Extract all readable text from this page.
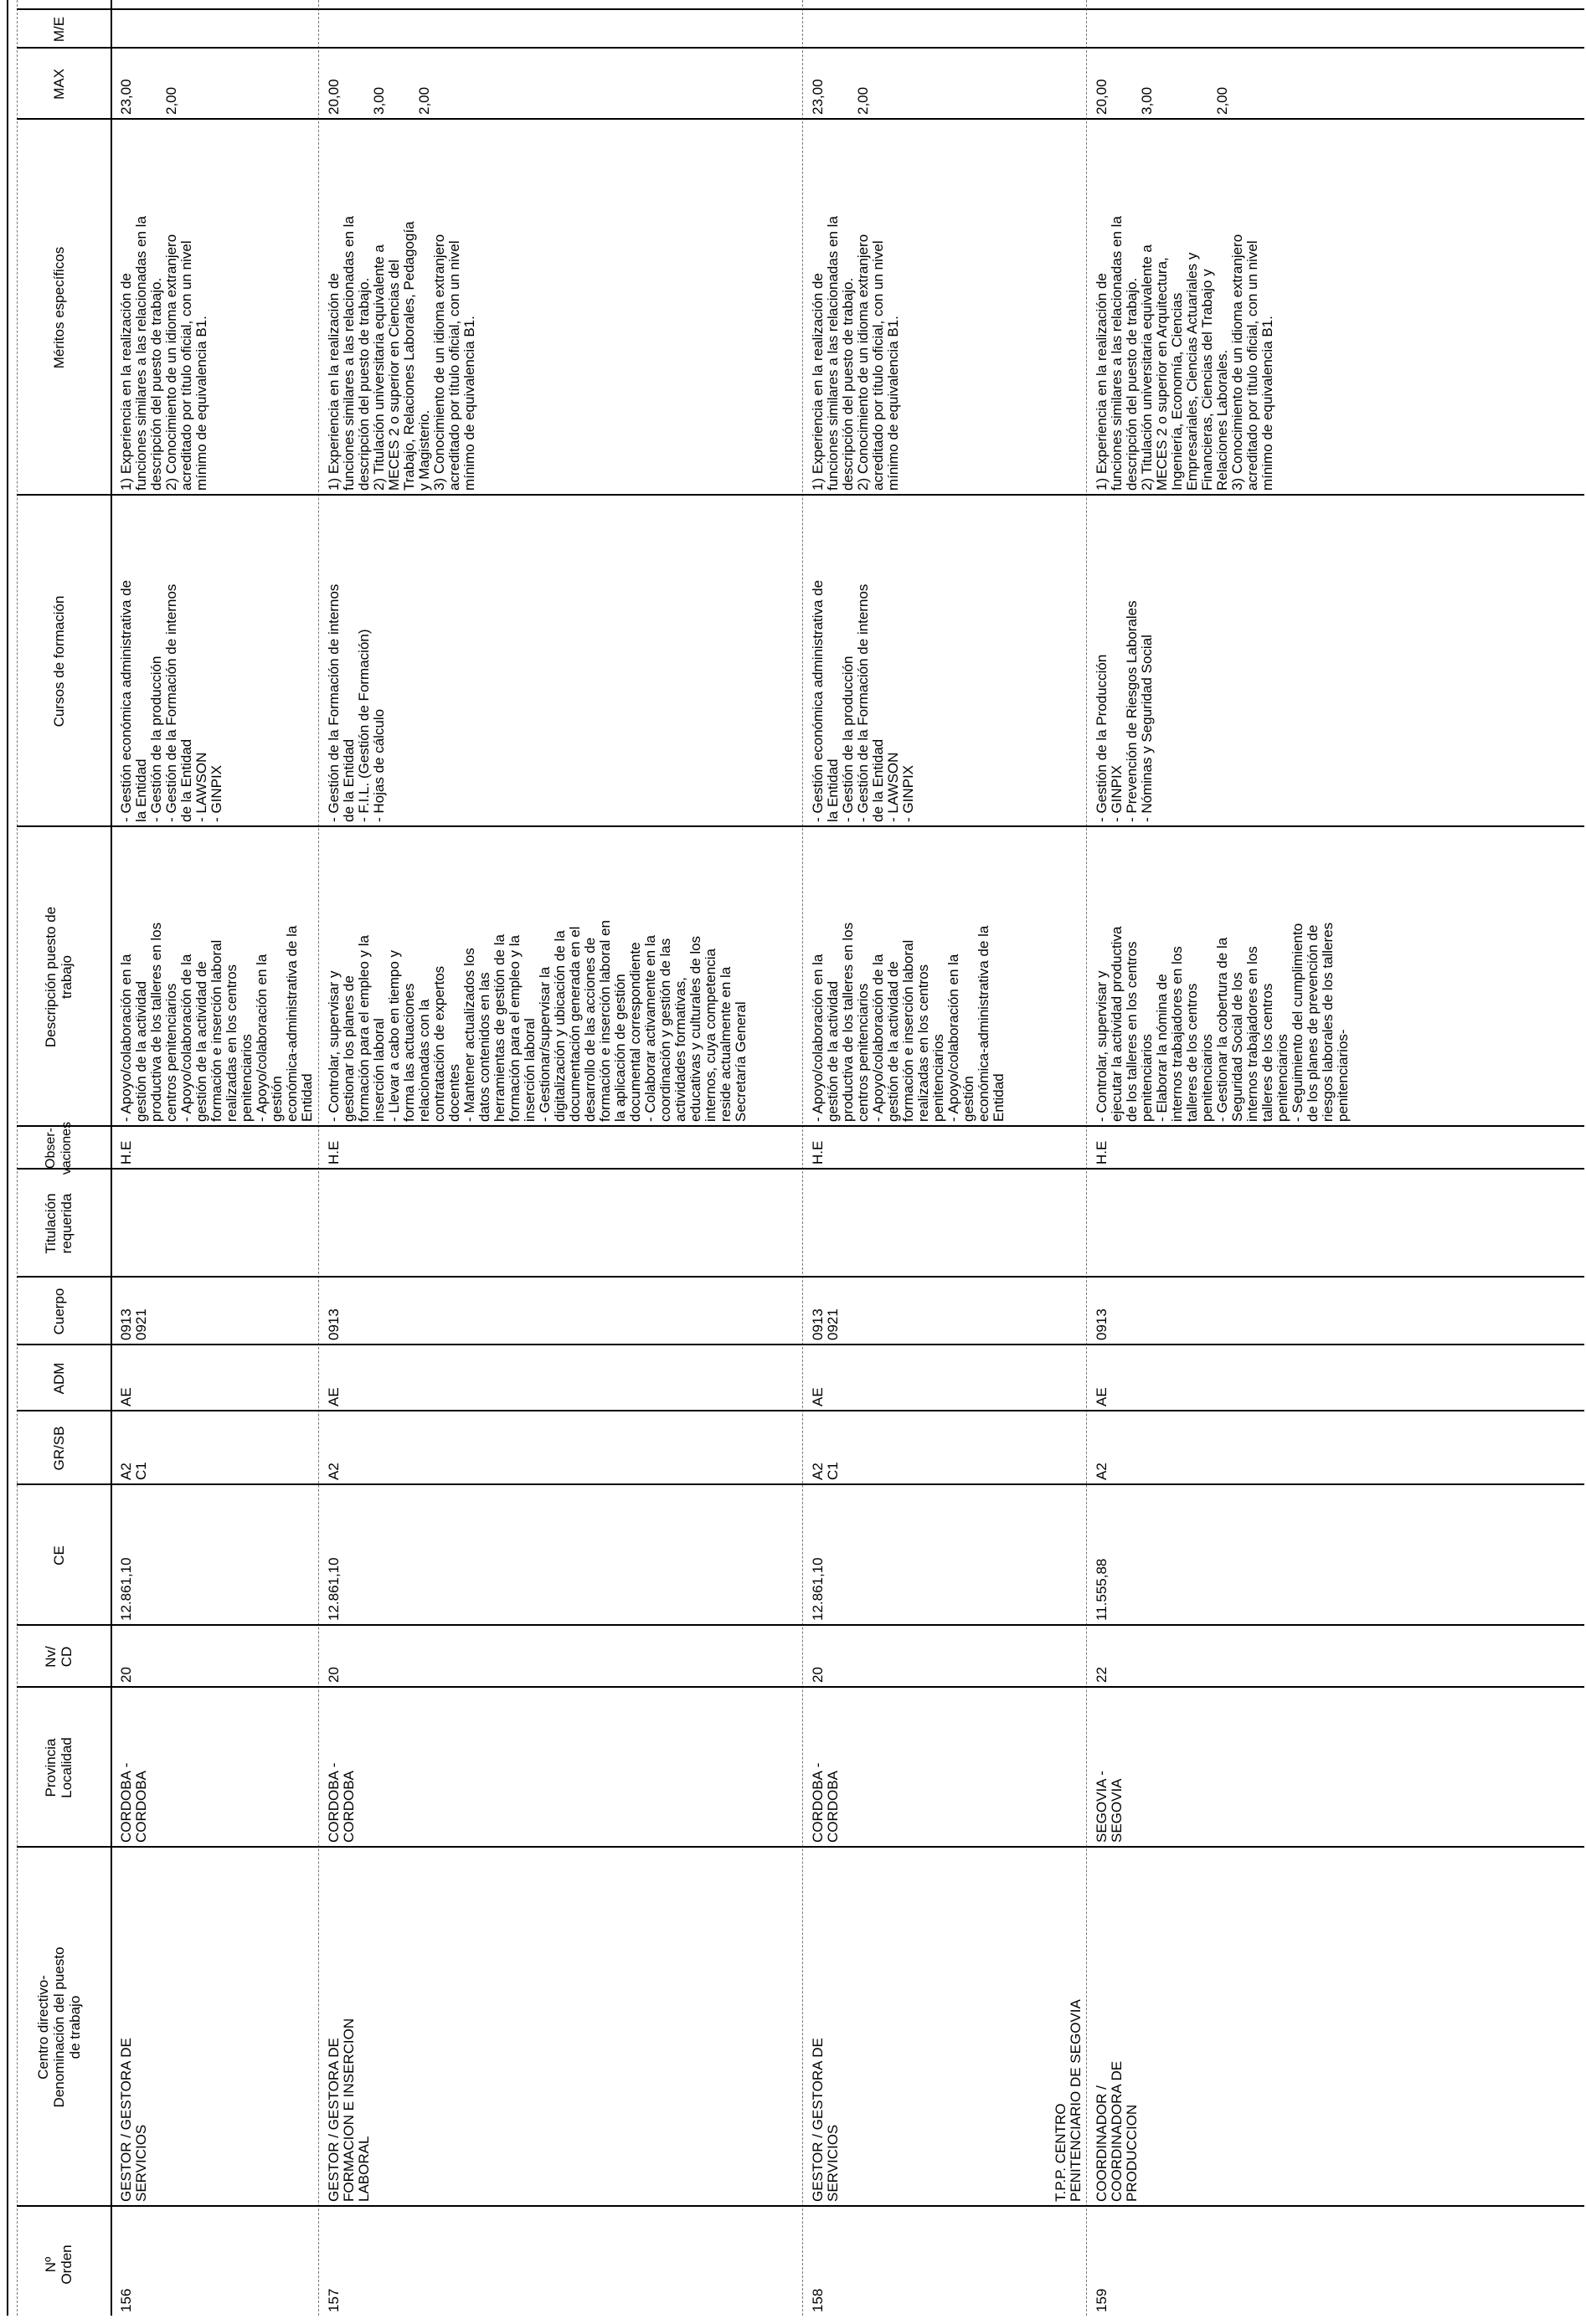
Nº
Orden
Centro directivo-
Denominación del puesto
de trabajo
Provincia
Localidad
Nv/
CD
CE
GR/SB
ADM
Cuerpo
Titulación
requerida
Obser-
vaciones
Descripción puesto de
trabajo
Cursos de formación
Méritos específicos
MAX
M/E
156
GESTOR / GESTORA DE
SERVICIOS
CORDOBA -
CORDOBA
20
12.861,10
A2
C1
AE
0913
0921
H.E
- Apoyo/colaboración en la
gestión de la actividad
productiva de los talleres en los
centros penitenciarios
- Apoyo/colaboración de la
gestión de la actividad de
formación e inserción laboral
realizadas en los centros
penitenciarios
- Apoyo/colaboración en la
gestión
económica-administrativa de la
Entidad
- Gestión económica administrativa de
la Entidad
- Gestión de la producción
- Gestión de la Formación de internos
de la Entidad
- LAWSON
- GINPIX
1) Experiencia en la realización de
funciones similares a las relacionadas en la
descripción del puesto de trabajo.
2) Conocimiento de un idioma extranjero
acreditado por título oficial, con un nivel
mínimo de equivalencia B1.
23,00

2,00
157
GESTOR / GESTORA DE
FORMACION E INSERCION
LABORAL
CORDOBA -
CORDOBA
20
12.861,10
A2
AE
0913
H.E
- Controlar, supervisar y
gestionar los planes de
formación para el empleo y la
inserción laboral
- Llevar a cabo en tiempo y
forma las actuaciones
relacionadas con la
contratación de expertos
docentes
- Mantener actualizados los
datos contenidos en las
herramientas de gestión de la
formación para el empleo y la
inserción laboral
- Gestionar/supervisar la
digitalización y ubicación de la
documentación generada en el
desarrollo de las acciones de
formación e inserción laboral en
la aplicación de gestión
documental correspondiente
- Colaborar activamente en la
coordinación y gestión de las
actividades formativas,
educativas y culturales de los
internos, cuya competencia
reside actualmente en la
Secretaría General
- Gestión de la Formación de internos
de la Entidad
- F.I.L. (Gestión de Formación)
- Hojas de cálculo
1) Experiencia en la realización de
funciones similares a las relacionadas en la
descripción del puesto de trabajo.
2) Titulación universitaria equivalente a
MECES 2 o superior en Ciencias del
Trabajo, Relaciones Laborales, Pedagogía
y Magisterio.
3) Conocimiento de un idioma extranjero
acreditado por título oficial, con un nivel
mínimo de equivalencia B1.
20,00

3,00

2,00
158
GESTOR / GESTORA DE
SERVICIOS
CORDOBA -
CORDOBA
20
12.861,10
A2
C1
AE
0913
0921
H.E
- Apoyo/colaboración en la
gestión de la actividad
productiva de los talleres en los
centros penitenciarios
- Apoyo/colaboración de la
gestión de la actividad de
formación e inserción laboral
realizadas en los centros
penitenciarios
- Apoyo/colaboración en la
gestión
económica-administrativa de la
Entidad
- Gestión económica administrativa de
la Entidad
- Gestión de la producción
- Gestión de la Formación de internos
de la Entidad
- LAWSON
- GINPIX
1) Experiencia en la realización de
funciones similares a las relacionadas en la
descripción del puesto de trabajo.
2) Conocimiento de un idioma extranjero
acreditado por título oficial, con un nivel
mínimo de equivalencia B1.
23,00

2,00
T.P.P. CENTRO
PENITENCIARIO DE SEGOVIA
159
COORDINADOR /
COORDINADORA DE
PRODUCCION
SEGOVIA -
SEGOVIA
22
11.555,88
A2
AE
0913
H.E
- Controlar, supervisar y
ejecutar la actividad productiva
de los talleres en los centros
penitenciarios
- Elaborar la nómina de
internos trabajadores en los
talleres de los centros
penitenciarios
- Gestionar la cobertura de la
Seguridad Social de los
internos trabajadores en los
talleres de los centros
penitenciarios
- Seguimiento del cumplimiento
de los planes de prevención de
riesgos laborales de los talleres
penitenciarios-
- Gestión de la Producción
- GINPIX
- Prevención de Riesgos Laborales
- Nóminas y Seguridad Social
1) Experiencia en la realización de
funciones similares a las relacionadas en la
descripción del puesto de trabajo.
2) Titulación universitaria equivalente a
MECES 2 o superior en Arquitectura,
Ingeniería, Economía, Ciencias
Empresariales, Ciencias Actuariales y
Financieras, Ciencias del Trabajo y
Relaciones Laborales.
3) Conocimiento de un idioma extranjero
acreditado por título oficial, con un nivel
mínimo de equivalencia B1.
20,00

3,00

2,00
